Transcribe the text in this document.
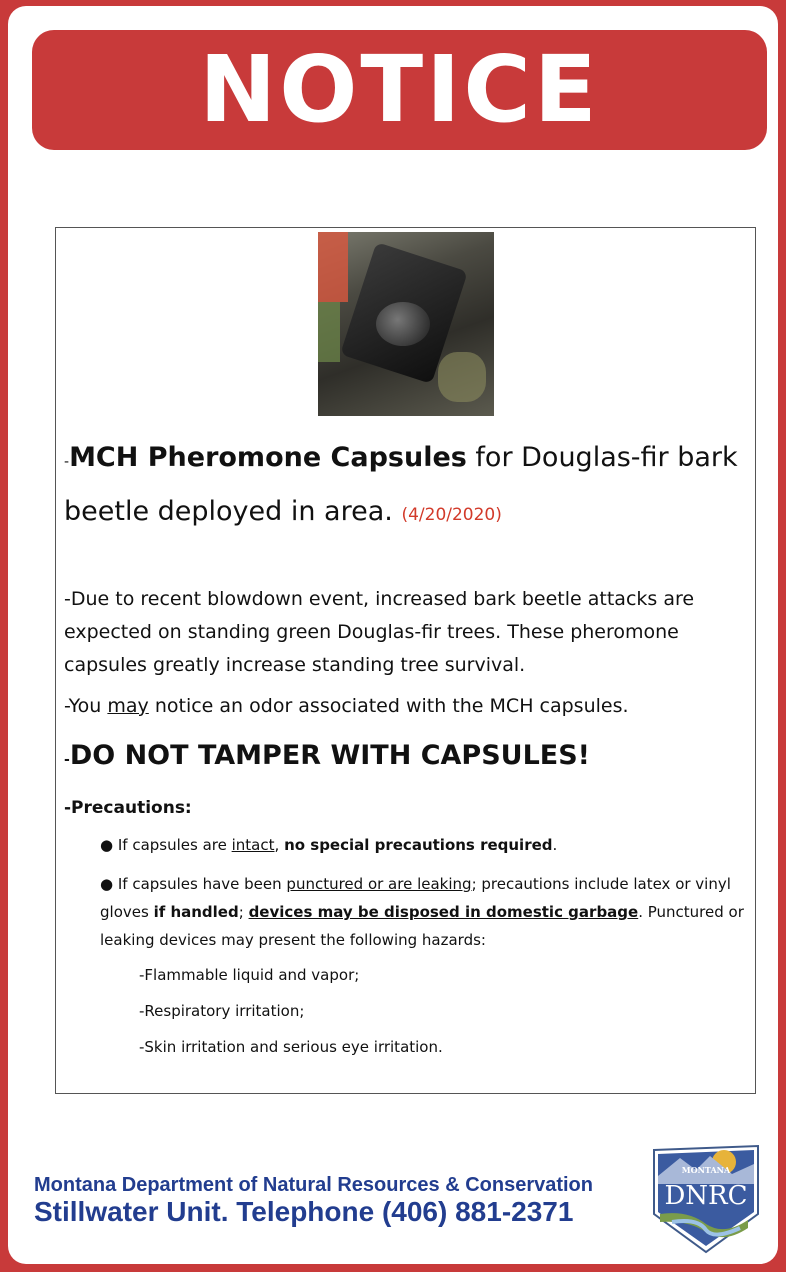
NOTICE
-MCH Pheromone Capsules for Douglas-fir bark beetle deployed in area. (4/20/2020)
-Due to recent blowdown event, increased bark beetle attacks are expected on standing green Douglas-fir trees. These pheromone capsules greatly increase standing tree survival.
-You may notice an odor associated with the MCH capsules.
-DO NOT TAMPER WITH CAPSULES!
-Precautions:
● If capsules are intact, no special precautions required.
● If capsules have been punctured or are leaking; precautions include latex or vinyl gloves if handled; devices may be disposed in domestic garbage. Punctured or leaking devices may present the following hazards:
-Flammable liquid and vapor;
-Respiratory irritation;
-Skin irritation and serious eye irritation.
Montana Department of Natural Resources & Conservation
Stillwater Unit. Telephone (406) 881-2371
MONTANA
DNRC
